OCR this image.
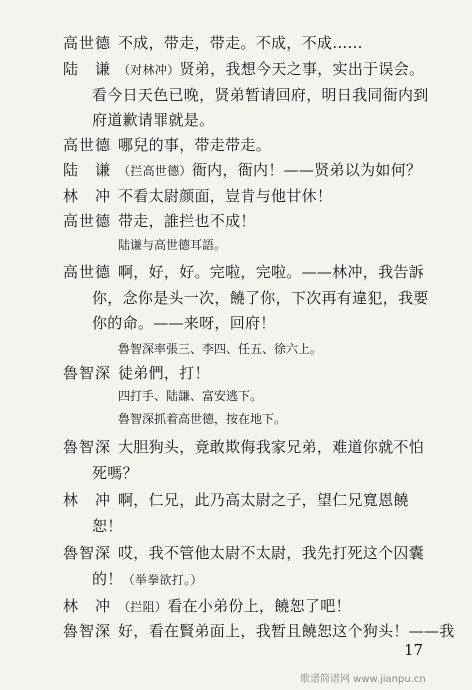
高世德 不成，带走，带走。不成，不成……
陆　谦 （对林冲）贤弟，我想今天之事，实出于误会。
看今日天色已晚，贤弟暂请回府，明日我同衙内到
府道歉请罪就是。
高世德 哪兒的事，带走带走。
陆　谦 （拦高世德）衙内，衙内！——贤弟以为如何？
林　冲 不看太尉颜面，豈肯与他甘休！
高世德 带走，誰拦也不成！
陆谦与高世德耳語。
高世德 啊，好，好。完啦，完啦。——林冲，我告訴
你，念你是头一次，饒了你，下次再有違犯，我要
你的命。——来呀，回府！
魯智深率張三、李四、任五、徐六上。
魯智深 徒弟們，打！
四打手、陆謙、富安逃下。
魯智深抓着高世德，按在地下。
魯智深 大胆狗头，竟敢欺侮我家兄弟，难道你就不怕
死嗎？
林　冲 啊，仁兄，此乃高太尉之子，望仁兄寬恩饒
恕！
魯智深 哎，我不管他太尉不太尉，我先打死这个囚囊
的！（举拳欲打。）
林　冲 （拦阻）看在小弟份上，饒恕了吧！
魯智深 好，看在賢弟面上，我暂且饒恕这个狗头！——我
17
歌谱简谱网 www.jianpu.cn
